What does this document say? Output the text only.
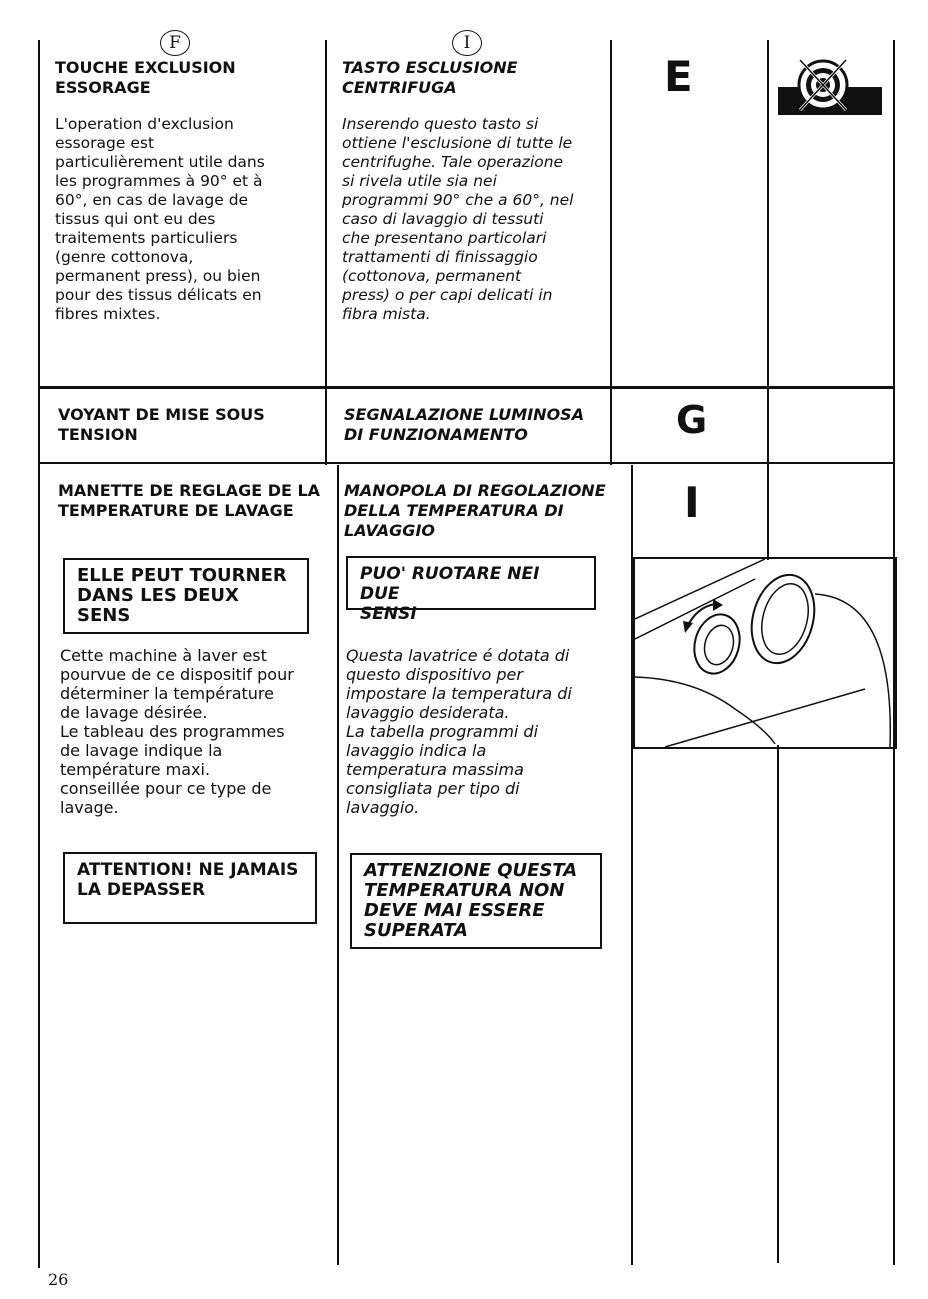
F	I
E
G
I
TOUCHE EXCLUSION
ESSORAGE
L'operation d'exclusion
essorage est
particulièrement utile dans
les programmes à 90° et à
60°, en cas de lavage de
tissus qui ont eu des
traitements particuliers
(genre cottonova,
permanent press), ou bien
pour des tissus délicats en
fibres mixtes.
TASTO ESCLUSIONE
CENTRIFUGA
Inserendo questo tasto si
ottiene l'esclusione di tutte le
centrifughe. Tale operazione
si rivela utile sia nei
programmi 90° che a 60°, nel
caso di lavaggio di tessuti
che presentano particolari
trattamenti di finissaggio
(cottonova, permanent
press) o per capi delicati in
fibra mista.
VOYANT DE MISE SOUS
TENSION
SEGNALAZIONE LUMINOSA
DI FUNZIONAMENTO
MANETTE DE REGLAGE DE LA
TEMPERATURE DE LAVAGE
ELLE PEUT TOURNER
DANS LES DEUX SENS
Cette machine à laver est
pourvue de ce dispositif pour
déterminer la température
de lavage désirée.
Le tableau des programmes
de lavage indique la
température maxi.
conseillée pour ce type de
lavage.
ATTENTION! NE JAMAIS
LA DEPASSER
MANOPOLA DI REGOLAZIONE
DELLA TEMPERATURA DI
LAVAGGIO
PUO' RUOTARE NEI DUE
SENSI
Questa lavatrice é dotata di
questo dispositivo per
impostare la temperatura di
lavaggio desiderata.
La tabella programmi di
lavaggio indica la
temperatura massima
consigliata per tipo di
lavaggio.
ATTENZIONE QUESTA
TEMPERATURA NON
DEVE MAI ESSERE
SUPERATA
26
